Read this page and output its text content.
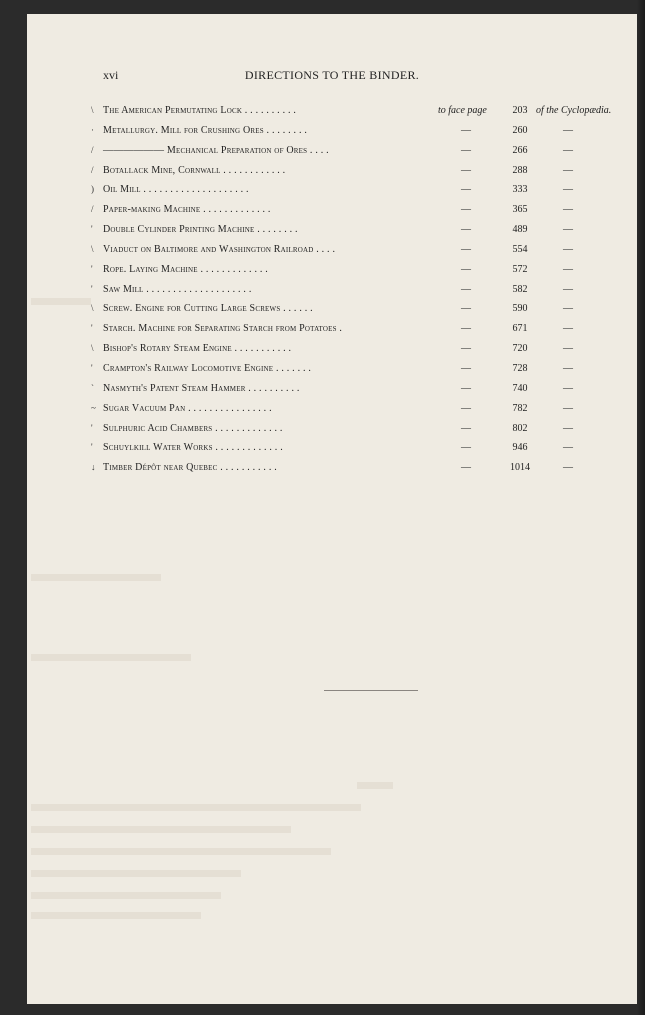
xvi	DIRECTIONS TO THE BINDER.
\ The American Permutating Lock . . . . . . . . . .	to face page	203 of the Cyclopædia.
· Metallurgy. Mill for Crushing Ores . . . . . . . .	—	260	—
/ —————— Mechanical Preparation of Ores . . . .	—	266	—
/ Botallack Mine, Cornwall . . . . . . . . . . . .	—	288	—
) Oil Mill . . . . . . . . . . . . . . . . . . . .	—	333	—
/ Paper-making Machine . . . . . . . . . . . . .	—	365	—
' Double Cylinder Printing Machine . . . . . . . .	—	489	—
\ Viaduct on Baltimore and Washington Railroad . . . .	—	554	—
' Rope. Laying Machine . . . . . . . . . . . . .	—	572	—
' Saw Mill . . . . . . . . . . . . . . . . . . . .	—	582	—
\ Screw. Engine for Cutting Large Screws . . . . . .	—	590	—
' Starch. Machine for Separating Starch from Potatoes .	—	671	—
\ Bishop's Rotary Steam Engine . . . . . . . . . . .	—	720	—
' Crampton's Railway Locomotive Engine . . . . . . .	—	728	—
` Nasmyth's Patent Steam Hammer . . . . . . . . . .	—	740	—
~ Sugar Vacuum Pan . . . . . . . . . . . . . . . .	—	782	—
' Sulphuric Acid Chambers . . . . . . . . . . . . .	—	802	—
' Schuylkill Water Works . . . . . . . . . . . . .	—	946	—
↓ Timber Dépôt near Quebec . . . . . . . . . . .	—	1014	—
